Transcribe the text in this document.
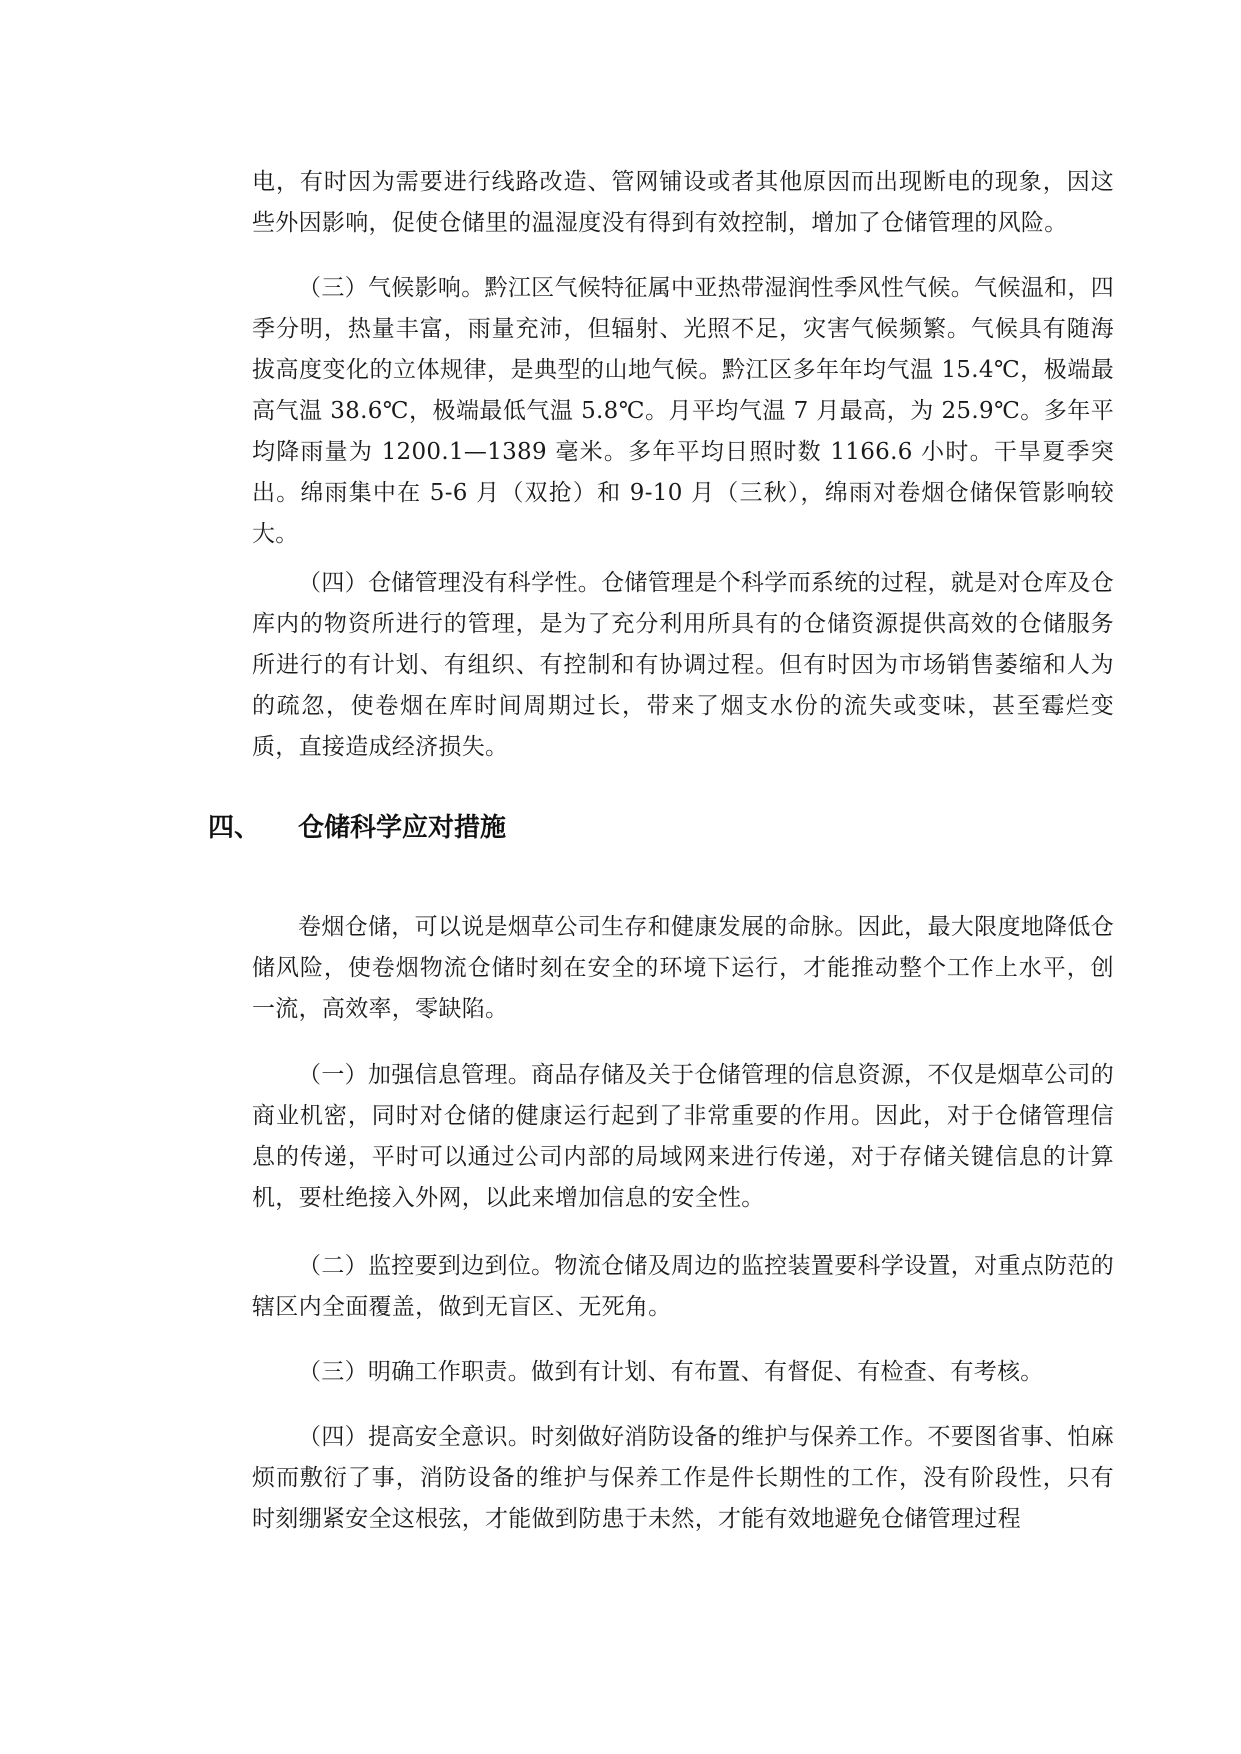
电，有时因为需要进行线路改造、管网铺设或者其他原因而出现断电的现象，因这些外因影响，促使仓储里的温湿度没有得到有效控制，增加了仓储管理的风险。

（三）气候影响。黔江区气候特征属中亚热带湿润性季风性气候。气候温和，四季分明，热量丰富，雨量充沛，但辐射、光照不足，灾害气候频繁。气候具有随海拔高度变化的立体规律，是典型的山地气候。黔江区多年年均气温 15.4℃，极端最高气温 38.6℃，极端最低气温 5.8℃。月平均气温 7 月最高，为 25.9℃。多年平均降雨量为 1200.1—1389 毫米。多年平均日照时数 1166.6 小时。干旱夏季突出。绵雨集中在 5-6 月（双抢）和 9-10 月（三秋），绵雨对卷烟仓储保管影响较大。

（四）仓储管理没有科学性。仓储管理是个科学而系统的过程，就是对仓库及仓库内的物资所进行的管理，是为了充分利用所具有的仓储资源提供高效的仓储服务所进行的有计划、有组织、有控制和有协调过程。但有时因为市场销售萎缩和人为的疏忽，使卷烟在库时间周期过长，带来了烟支水份的流失或变味，甚至霉烂变质，直接造成经济损失。

四、	仓储科学应对措施

卷烟仓储，可以说是烟草公司生存和健康发展的命脉。因此，最大限度地降低仓储风险，使卷烟物流仓储时刻在安全的环境下运行，才能推动整个工作上水平，创一流，高效率，零缺陷。

（一）加强信息管理。商品存储及关于仓储管理的信息资源，不仅是烟草公司的商业机密，同时对仓储的健康运行起到了非常重要的作用。因此，对于仓储管理信息的传递，平时可以通过公司内部的局域网来进行传递，对于存储关键信息的计算机，要杜绝接入外网，以此来增加信息的安全性。

（二）监控要到边到位。物流仓储及周边的监控装置要科学设置，对重点防范的辖区内全面覆盖，做到无盲区、无死角。

（三）明确工作职责。做到有计划、有布置、有督促、有检查、有考核。

（四）提高安全意识。时刻做好消防设备的维护与保养工作。不要图省事、怕麻烦而敷衍了事，消防设备的维护与保养工作是件长期性的工作，没有阶段性，只有时刻绷紧安全这根弦，才能做到防患于未然，才能有效地避免仓储管理过程
